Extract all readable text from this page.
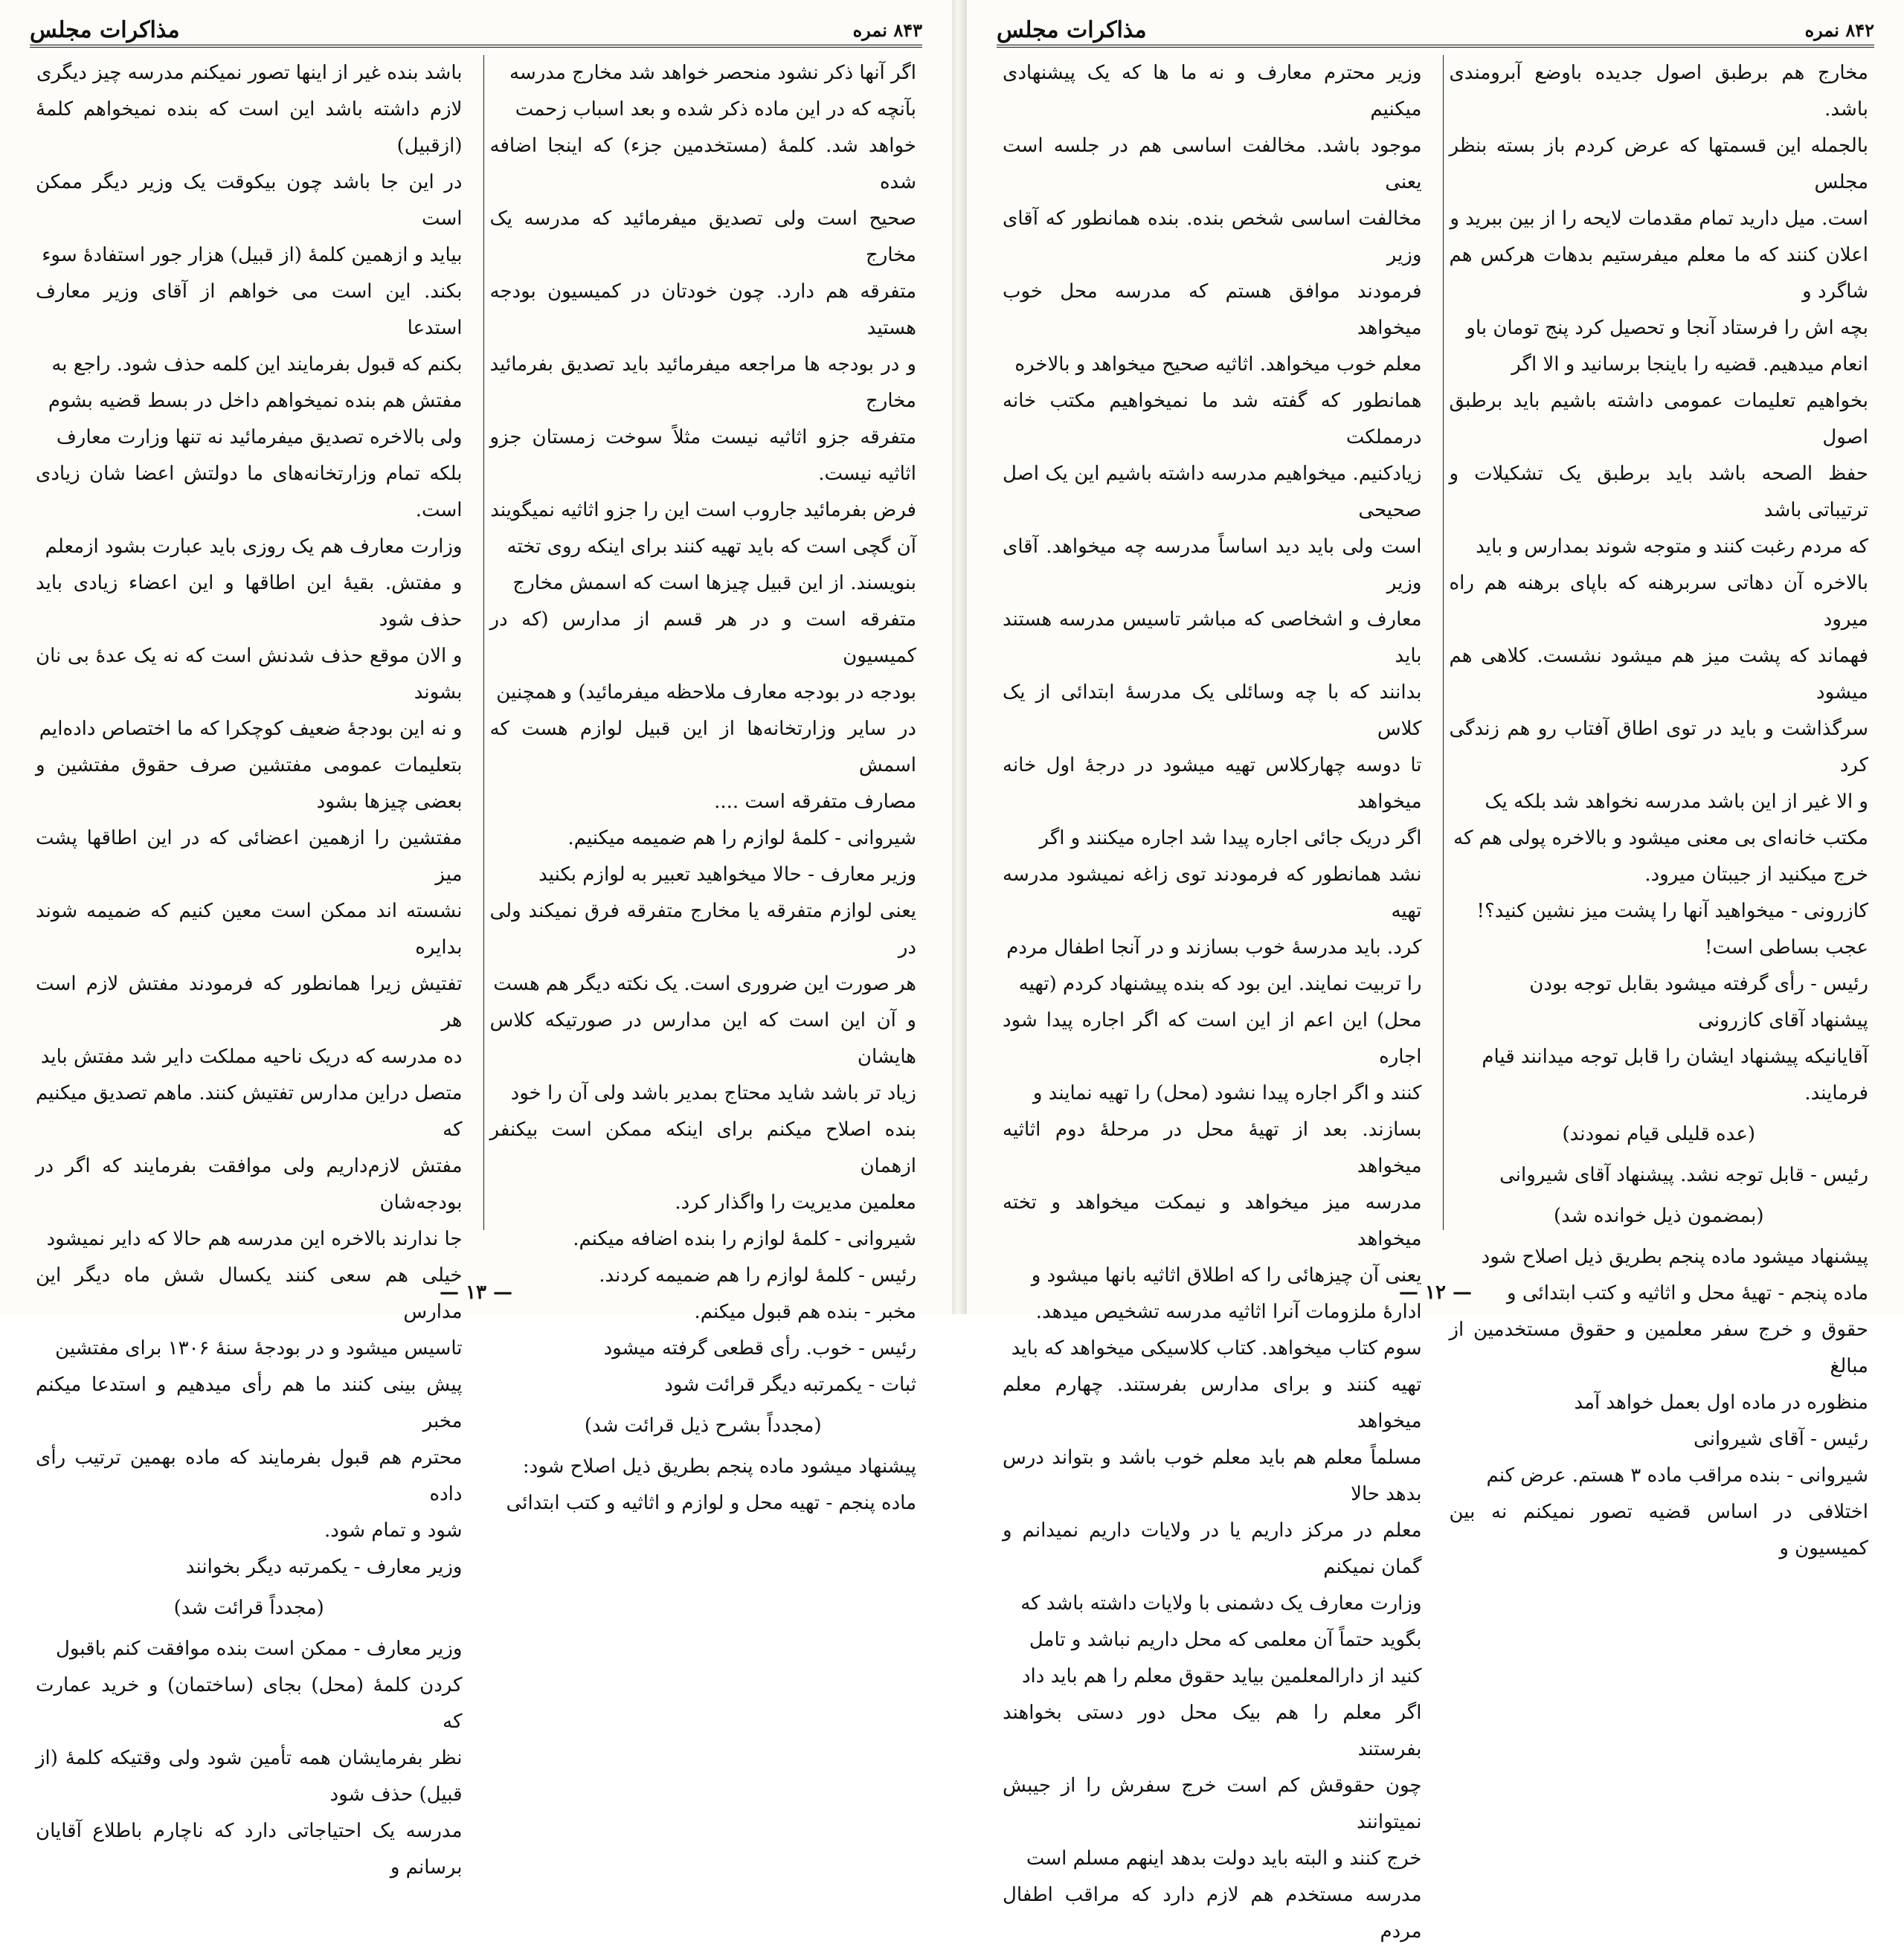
۸۴۳ نمره
مذاکرات مجلس

اگر آنها ذکر نشود منحصر خواهد شد مخارج مدرسه

بآنچه که در این ماده ذکر شده و بعد اسباب زحمت

خواهد شد. کلمهٔ (مستخدمین جزء) که اینجا اضافه شده

صحیح است ولی تصدیق میفرمائید که مدرسه یک مخارج

متفرقه هم دارد. چون خودتان در کمیسیون بودجه هستید

و در بودجه ها مراجعه میفرمائید باید تصدیق بفرمائید مخارج

متفرقه جزو اثاثیه نیست مثلاً سوخت زمستان جزو اثاثیه نیست.

فرض بفرمائید جاروب است این را جزو اثاثیه نمیگویند

آن گچی است که باید تهیه کنند برای اینکه روی تخته

بنویسند. از این قبیل چیزها است که اسمش مخارج

متفرقه است و در هر قسم از مدارس (که در کمیسیون

بودجه در بودجه معارف ملاحظه میفرمائید) و همچنین

در سایر وزارتخانه‌ها از این قبیل لوازم هست که اسمش

مصارف متفرقه است ....

شیروانی - کلمهٔ لوازم را هم ضمیمه میکنیم.

وزیر معارف - حالا میخواهید تعبیر به لوازم بکنید

یعنی لوازم متفرقه یا مخارج متفرقه فرق نمیکند ولی در

هر صورت این ضروری است. یک نکته دیگر هم هست

و آن این است که این مدارس در صورتیکه کلاس هایشان

زیاد تر باشد شاید محتاج بمدیر باشد ولی آن را خود

بنده اصلاح میکنم برای اینکه ممکن است بیکنفر ازهمان

معلمین مدیریت را واگذار کرد.

شیروانی - کلمهٔ لوازم را بنده اضافه میکنم.

رئیس - کلمهٔ لوازم را هم ضمیمه کردند.

مخبر - بنده هم قبول میکنم.

رئیس - خوب. رأی قطعی گرفته میشود

ثبات - یکمرتبه دیگر قرائت شود

(مجدداً بشرح ذیل قرائت شد)

پیشنهاد میشود ماده پنجم بطریق ذیل اصلاح شود:

ماده پنجم - تهیه محل و لوازم و اثاثیه و کتب ابتدائی

باشد بنده غیر از اینها تصور نمیکنم مدرسه چیز دیگری

لازم داشته باشد این است که بنده نمیخواهم کلمهٔ (ازقبیل)

در این جا باشد چون بیکوقت یک وزیر دیگر ممکن است

بیاید و ازهمین کلمهٔ (از قبیل) هزار جور استفادهٔ سوء

بکند. این است می خواهم از آقای وزیر معارف استدعا

بکنم که قبول بفرمایند این کلمه حذف شود. راجع به

مفتش هم بنده نمیخواهم داخل در بسط قضیه بشوم

ولی بالاخره تصدیق میفرمائید نه تنها وزارت معارف

بلکه تمام وزارتخانه‌های ما دولتش اعضا شان زیادی است.

وزارت معارف هم یک روزی باید عبارت بشود ازمعلم

و مفتش. بقیهٔ این اطاقها و این اعضاء زیادی باید حذف شود

و الان موقع حذف شدنش است که نه یک عدهٔ بی نان بشوند

و نه این بودجهٔ ضعیف کوچکرا که ما اختصاص داده‌ایم

بتعلیمات عمومی مفتشین صرف حقوق مفتشین و بعضی چیزها بشود

مفتشین را ازهمین اعضائی که در این اطاقها پشت میز

نشسته اند ممکن است معین کنیم که ضمیمه شوند بدایره

تفتیش زیرا همانطور که فرمودند مفتش لازم است هر

ده مدرسه که دریک ناحیه مملکت دایر شد مفتش باید

متصل دراین مدارس تفتیش کنند. ماهم تصدیق میکنیم که

مفتش لازم‌داریم ولی موافقت بفرمایند که اگر در بودجه‌شان

جا ندارند بالاخره این مدرسه هم حالا که دایر نمیشود

خیلی هم سعی کنند یکسال شش ماه دیگر این مدارس

تاسیس میشود و در بودجهٔ سنهٔ ۱۳۰۶ برای مفتشین

پیش بینی کنند ما هم رأی میدهیم و استدعا میکنم مخبر

محترم هم قبول بفرمایند که ماده بهمین ترتیب رأی داده

شود و تمام شود.

وزیر معارف - یکمرتبه دیگر بخوانند

(مجدداً قرائت شد)

وزیر معارف - ممکن است بنده موافقت کنم باقبول

کردن کلمهٔ (محل) بجای (ساختمان) و خرید عمارت که

نظر بفرمایشان همه تأمین شود ولی وقتیکه کلمهٔ (از قبیل) حذف شود

مدرسه یک احتیاجاتی دارد که ناچارم باطلاع آقایان برسانم و

— ۱۳ —
۸۴۲ نمره
مذاکرات مجلس

مخارج هم برطبق اصول جدیده باوضع آبرومندی باشد.

بالجمله این قسمتها که عرض کردم باز بسته بنظر مجلس

است. میل دارید تمام مقدمات لایحه را از بین ببرید و

اعلان کنند که ما معلم میفرستیم بدهات هرکس هم شاگرد و

بچه اش را فرستاد آنجا و تحصیل کرد پنج تومان باو

انعام میدهیم. قضیه را باینجا برسانید و الا اگر

بخواهیم تعلیمات عمومی داشته باشیم باید برطبق اصول

حفظ الصحه باشد باید برطبق یک تشکیلات و ترتیباتی باشد

که مردم رغبت کنند و متوجه شوند بمدارس و باید

بالاخره آن دهاتی سربرهنه که باپای برهنه هم راه میرود

فهماند که پشت میز هم میشود نشست. کلاهی هم میشود

سرگذاشت و باید در توی اطاق آفتاب رو هم زندگی کرد

و الا غیر از این باشد مدرسه نخواهد شد بلکه یک

مکتب خانه‌ای بی معنی میشود و بالاخره پولی هم که

خرج میکنید از جیبتان میرود.

کازرونی - میخواهید آنها را پشت میز نشین کنید؟!

عجب بساطی است!

رئیس - رأی گرفته میشود بقابل توجه بودن

پیشنهاد آقای کازرونی

آقایانیکه پیشنهاد ایشان را قابل توجه میدانند قیام

فرمایند.

(عده قلیلی قیام نمودند)

رئیس - قابل توجه نشد. پیشنهاد آقای شیروانی

(بمضمون ذیل خوانده شد)

پیشنهاد میشود ماده پنجم بطریق ذیل اصلاح شود

ماده پنجم - تهیهٔ محل و اثاثیه و کتب ابتدائی و

حقوق و خرج سفر معلمین و حقوق مستخدمین از مبالغ

منظوره در ماده اول بعمل خواهد آمد

رئیس - آقای شیروانی

شیروانی - بنده مراقب ماده ۳ هستم. عرض کنم

اختلافی در اساس قضیه تصور نمیکنم نه بین کمیسیون و

وزیر محترم معارف و نه ما ها که یک پیشنهادی میکنیم

موجود باشد. مخالفت اساسی هم در جلسه است یعنی

مخالفت اساسی شخص بنده. بنده همانطور که آقای وزیر

فرمودند موافق هستم که مدرسه محل خوب میخواهد

معلم خوب میخواهد. اثاثیه صحیح میخواهد و بالاخره

همانطور که گفته شد ما نمیخواهیم مکتب خانه درمملکت

زیادکنیم. میخواهیم مدرسه داشته باشیم این یک اصل صحیحی

است ولی باید دید اساساً مدرسه چه میخواهد. آقای وزیر

معارف و اشخاصی که مباشر تاسیس مدرسه هستند باید

بدانند که با چه وسائلی یک مدرسهٔ ابتدائی از یک کلاس

تا دوسه چهارکلاس تهیه میشود در درجهٔ اول خانه میخواهد

اگر دریک جائی اجاره پیدا شد اجاره میکنند و اگر

نشد همانطور که فرمودند توی زاغه نمیشود مدرسه تهیه

کرد. باید مدرسهٔ خوب بسازند و در آنجا اطفال مردم

را تربیت نمایند. این بود که بنده پیشنهاد کردم (تهیه

محل) این اعم از این است که اگر اجاره پیدا شود اجاره

کنند و اگر اجاره پیدا نشود (محل) را تهیه نمایند و

بسازند. بعد از تهیهٔ محل در مرحلهٔ دوم اثاثیه میخواهد

مدرسه میز میخواهد و نیمکت میخواهد و تخته میخواهد

یعنی آن چیزهائی را که اطلاق اثاثیه بانها میشود و

ادارهٔ ملزومات آنرا اثاثیه مدرسه تشخیص میدهد.

سوم کتاب میخواهد. کتاب کلاسیکی میخواهد که باید

تهیه کنند و برای مدارس بفرستند. چهارم معلم میخواهد

مسلماً معلم هم باید معلم خوب باشد و بتواند درس بدهد حالا

معلم در مرکز داریم یا در ولایات داریم نمیدانم و گمان نمیکنم

وزارت معارف یک دشمنی با ولایات داشته باشد که

بگوید حتماً آن معلمی که محل داریم نباشد و تامل

کنید از دارالمعلمین بیاید حقوق معلم را هم باید داد

اگر معلم را هم بیک محل دور دستی بخواهند بفرستند

چون حقوقش کم است خرج سفرش را از جیبش نمیتوانند

خرج کنند و البته باید دولت بدهد اینهم مسلم است

مدرسه مستخدم هم لازم دارد که مراقب اطفال مردم

— ۱۲ —
